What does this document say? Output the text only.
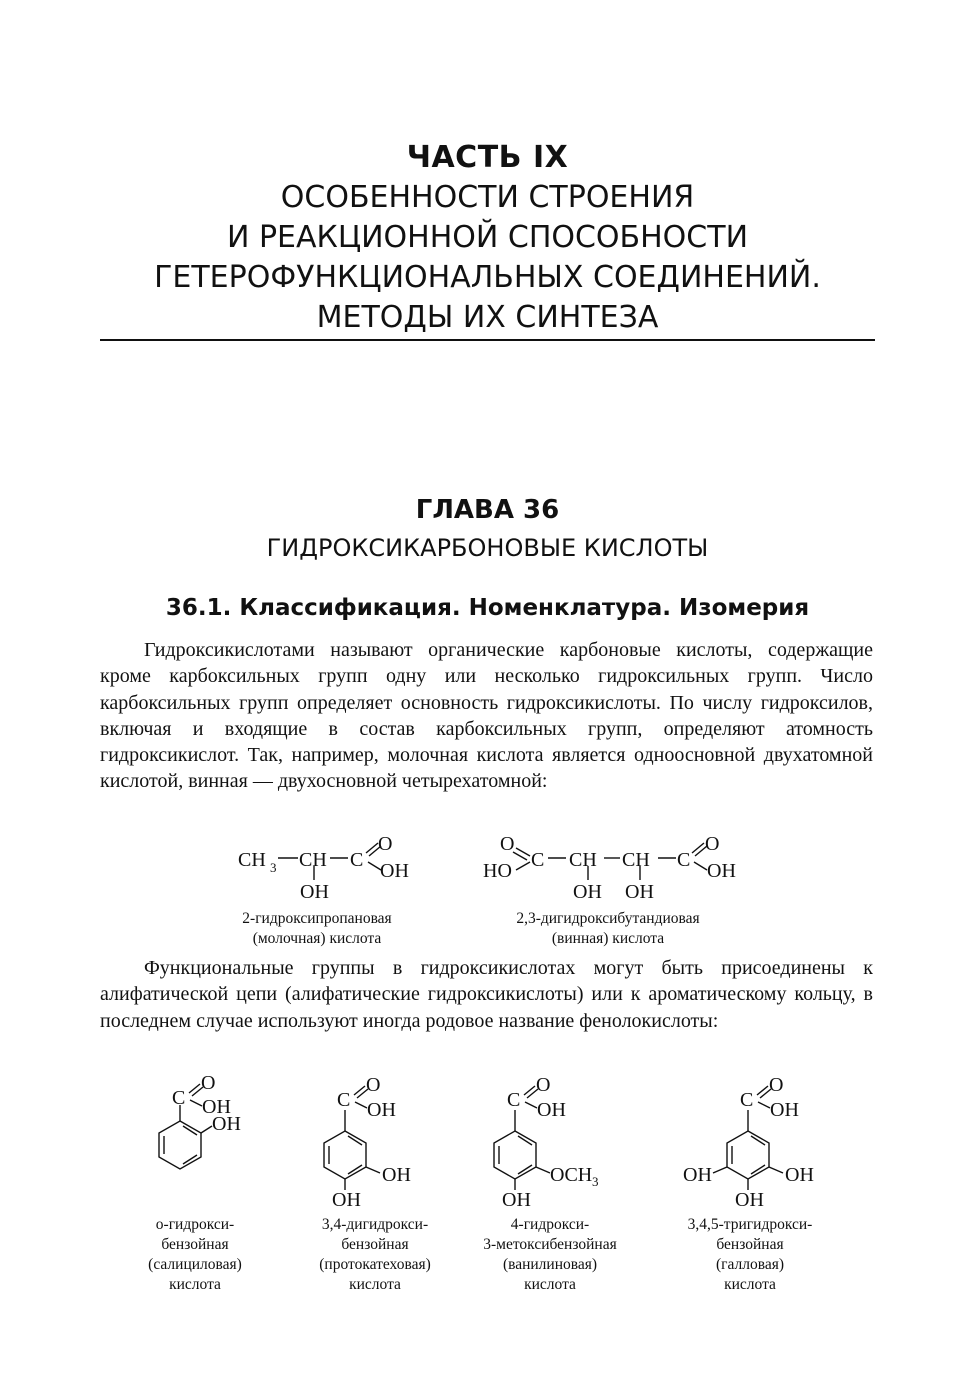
ЧАСТЬ IX
ОСОБЕННОСТИ СТРОЕНИЯ
И РЕАКЦИОННОЙ СПОСОБНОСТИ
ГЕТЕРОФУНКЦИОНАЛЬНЫХ СОЕДИНЕНИЙ.
МЕТОДЫ ИХ СИНТЕЗА
ГЛАВА 36
ГИДРОКСИКАРБОНОВЫЕ КИСЛОТЫ
36.1. Классификация. Номенклатура. Изомерия

Гидроксикислотами называют органические карбоновые кислоты, содержащие кроме карбоксильных групп одну или несколько гидроксильных групп. Число карбоксильных групп определяет основность гидроксикислоты. По числу гидроксилов, включая и входящие в состав карбоксильных групп, определяют атомность гидроксикислот. Так, например, молочная кислота является одноосновной двухатомной кислотой, винная — двухосновной четырехатомной:

CH 3 CH C
O
OH
OH
O
HO C CH CH C
O
OH
OH OH
2-гидроксипропановая
(молочная) кислота
2,3-дигидроксибутандиовая
(винная) кислота

Функциональные группы в гидроксикислотах могут быть присоединены к алифатической цепи (алифатические гидроксикислоты) или к ароматическому кольцу, в последнем случае используют иногда родовое название фенолокислоты:

C
O
OH
OH
C
O
OH
OH
OH
C
O
OH
OCH 3
OH
C
O
OH
OH
OH
OH
о-гидрокси-
бензойная
(салициловая)
кислота
3,4-дигидрокси-
бензойная
(протокатеховая)
кислота
4-гидрокси-
3-метоксибензойная
(ванилиновая)
кислота
3,4,5-тригидрокси-
бензойная
(галловая)
кислота
